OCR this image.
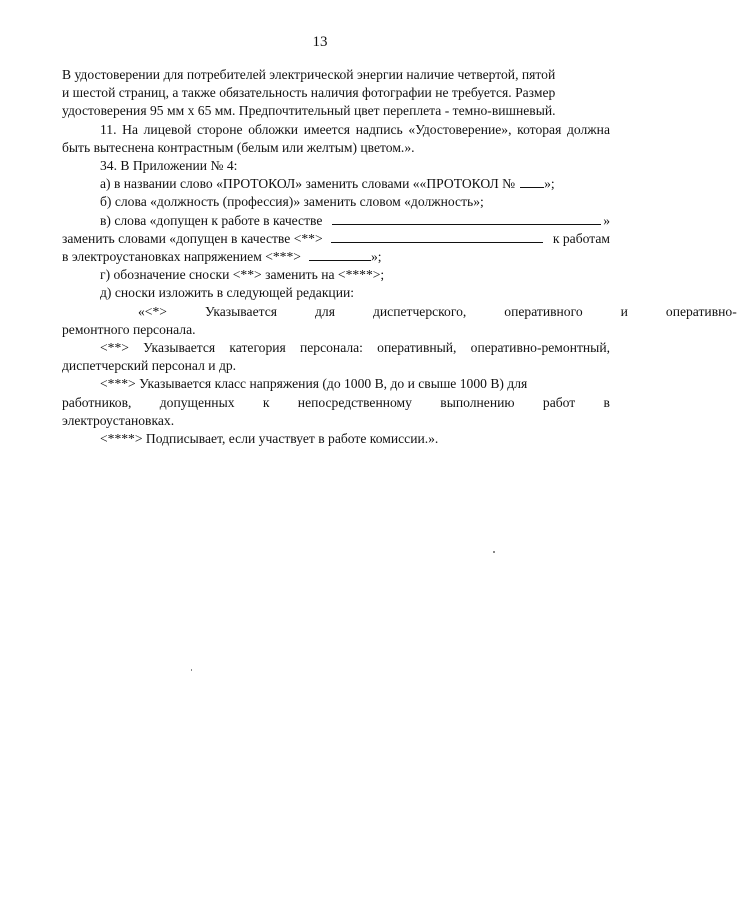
13

В удостоверении для потребителей электрической энергии наличие четвертой, пятой

и шестой страниц, а также обязательность наличия фотографии не требуется. Размер

удостоверения 95 мм х 65 мм. Предпочтительный цвет переплета - темно-вишневый.

11. На лицевой стороне обложки имеется надпись «Удостоверение», которая должна быть вытеснена контрастным (белым или желтым) цветом.».

34. В Приложении № 4:

а) в названии слово «ПРОТОКОЛ» заменить словами ««ПРОТОКОЛ № »;

б) слова «должность (профессия)» заменить словом «должность»;

в) слова «допущен к работе в качестве	»

заменить словами «допущен в качестве <**>	к работам

в электроустановках напряжением <***>	»;

г) обозначение сноски <**> заменить на <****>;

д) сноски изложить в следующей редакции:

«<*>	Указывается	для	диспетчерского,	оперативного	и	оперативно-

ремонтного персонала.

<**> Указывается категория персонала: оперативный, оперативно-ремонтный, диспетчерский персонал и др.

<***> Указывается класс напряжения (до 1000 В, до и свыше 1000 В) для

работников, допущенных к непосредственному выполнению работ в

электроустановках.

<****> Подписывает, если участвует в работе комиссии.».
